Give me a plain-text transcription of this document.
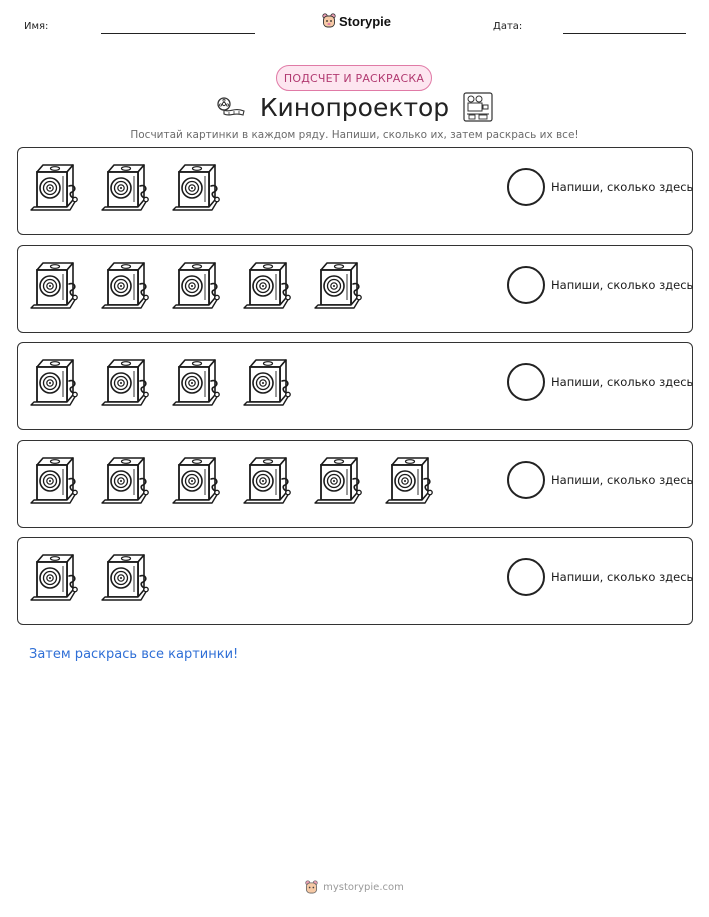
Имя:	Storypie	Дата:
ПОДСЧЕТ И РАСКРАСКА
Кинопроектор
Посчитай картинки в каждом ряду. Напиши, сколько их, затем раскрась их все!
Напиши, сколько здесь
Напиши, сколько здесь
Напиши, сколько здесь
Напиши, сколько здесь
Напиши, сколько здесь
Затем раскрась все картинки!
mystorypie.com
